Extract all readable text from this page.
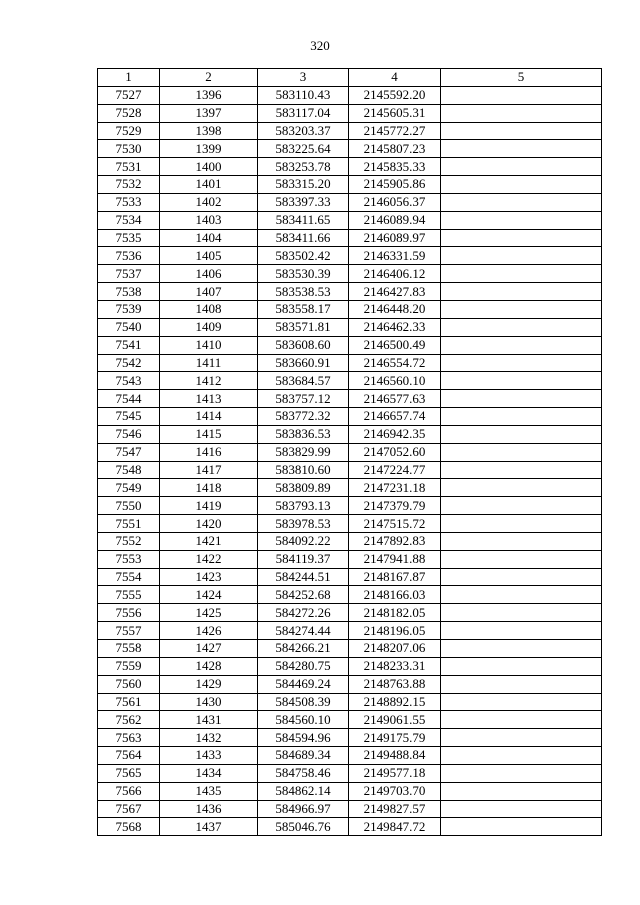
320
1	2	3	4	5
7527	1396	583110.43	2145592.20	
7528	1397	583117.04	2145605.31	
7529	1398	583203.37	2145772.27	
7530	1399	583225.64	2145807.23	
7531	1400	583253.78	2145835.33	
7532	1401	583315.20	2145905.86	
7533	1402	583397.33	2146056.37	
7534	1403	583411.65	2146089.94	
7535	1404	583411.66	2146089.97	
7536	1405	583502.42	2146331.59	
7537	1406	583530.39	2146406.12	
7538	1407	583538.53	2146427.83	
7539	1408	583558.17	2146448.20	
7540	1409	583571.81	2146462.33	
7541	1410	583608.60	2146500.49	
7542	1411	583660.91	2146554.72	
7543	1412	583684.57	2146560.10	
7544	1413	583757.12	2146577.63	
7545	1414	583772.32	2146657.74	
7546	1415	583836.53	2146942.35	
7547	1416	583829.99	2147052.60	
7548	1417	583810.60	2147224.77	
7549	1418	583809.89	2147231.18	
7550	1419	583793.13	2147379.79	
7551	1420	583978.53	2147515.72	
7552	1421	584092.22	2147892.83	
7553	1422	584119.37	2147941.88	
7554	1423	584244.51	2148167.87	
7555	1424	584252.68	2148166.03	
7556	1425	584272.26	2148182.05	
7557	1426	584274.44	2148196.05	
7558	1427	584266.21	2148207.06	
7559	1428	584280.75	2148233.31	
7560	1429	584469.24	2148763.88	
7561	1430	584508.39	2148892.15	
7562	1431	584560.10	2149061.55	
7563	1432	584594.96	2149175.79	
7564	1433	584689.34	2149488.84	
7565	1434	584758.46	2149577.18	
7566	1435	584862.14	2149703.70	
7567	1436	584966.97	2149827.57	
7568	1437	585046.76	2149847.72	
